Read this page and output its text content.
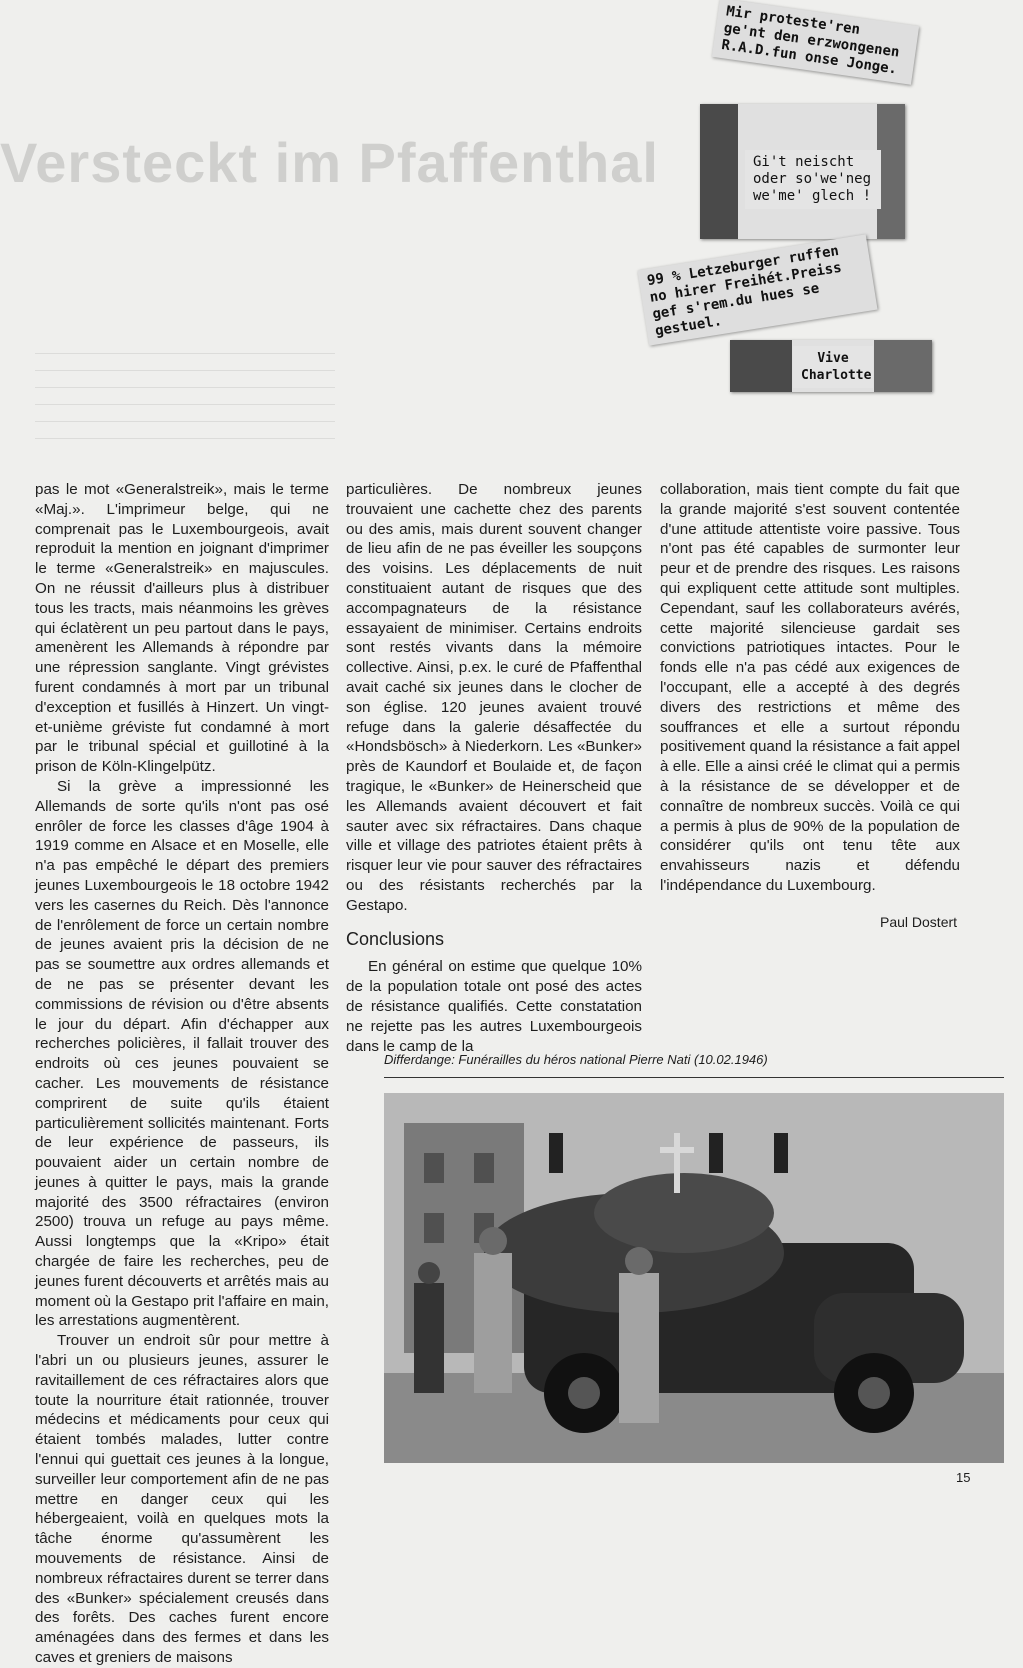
Versteckt im Pfaffenthal
Mir proteste'ren ge'nt den erzwongenen R.A.D.fun onse Jonge.
Gi't neischt oder so'we'neg we'me' glech !
99 % Letzeburger ruffen no hirer Freihét.Preiss gef s'rem.du hues se gestuel.
Vive Charlotte

pas le mot «Generalstreik», mais le terme «Maj.». L'imprimeur belge, qui ne comprenait pas le Luxembourgeois, avait reproduit la mention en joignant d'imprimer le terme «Generalstreik» en majuscules. On ne réussit d'ailleurs plus à distribuer tous les tracts, mais néanmoins les grèves qui éclatèrent un peu partout dans le pays, amenèrent les Allemands à répondre par une répression sanglante. Vingt grévistes furent condamnés à mort par un tribunal d'exception et fusillés à Hinzert. Un vingt-et-unième gréviste fut condamné à mort par le tribunal spécial et guillotiné à la prison de Köln-Klingelpütz.

Si la grève a impressionné les Allemands de sorte qu'ils n'ont pas osé enrôler de force les classes d'âge 1904 à 1919 comme en Alsace et en Moselle, elle n'a pas empêché le départ des premiers jeunes Luxembourgeois le 18 octobre 1942 vers les casernes du Reich. Dès l'annonce de l'enrôlement de force un certain nombre de jeunes avaient pris la décision de ne pas se soumettre aux ordres allemands et de ne pas se présenter devant les commissions de révision ou d'être absents le jour du départ. Afin d'échapper aux recherches policières, il fallait trouver des endroits où ces jeunes pouvaient se cacher. Les mouvements de résistance comprirent de suite qu'ils étaient particulièrement sollicités maintenant. Forts de leur expérience de passeurs, ils pouvaient aider un certain nombre de jeunes à quitter le pays, mais la grande majorité des 3500 réfractaires (environ 2500) trouva un refuge au pays même. Aussi longtemps que la «Kripo» était chargée de faire les recherches, peu de jeunes furent découverts et arrêtés mais au moment où la Gestapo prit l'affaire en main, les arrestations augmentèrent.

Trouver un endroit sûr pour mettre à l'abri un ou plusieurs jeunes, assurer le ravitaillement de ces réfractaires alors que toute la nourriture était rationnée, trouver médecins et médicaments pour ceux qui étaient tombés malades, lutter contre l'ennui qui guettait ces jeunes à la longue, surveiller leur comportement afin de ne pas mettre en danger ceux qui les hébergeaient, voilà en quelques mots la tâche énorme qu'assumèrent les mouvements de résistance. Ainsi de nombreux réfractaires durent se terrer dans des «Bunker» spécialement creusés dans des forêts. Des caches furent encore aménagées dans des fermes et dans les caves et greniers de maisons

particulières. De nombreux jeunes trouvaient une cachette chez des parents ou des amis, mais durent souvent changer de lieu afin de ne pas éveiller les soupçons des voisins. Les déplacements de nuit constituaient autant de risques que des accompagnateurs de la résistance essayaient de minimiser. Certains endroits sont restés vivants dans la mémoire collective. Ainsi, p.ex. le curé de Pfaffenthal avait caché six jeunes dans le clocher de son église. 120 jeunes avaient trouvé refuge dans la galerie désaffectée du «Hondsbösch» à Niederkorn. Les «Bunker» près de Kaundorf et Boulaide et, de façon tragique, le «Bunker» de Heinerscheid que les Allemands avaient découvert et fait sauter avec six réfractaires. Dans chaque ville et village des patriotes étaient prêts à risquer leur vie pour sauver des réfractaires ou des résistants recherchés par la Gestapo.

Conclusions

En général on estime que quelque 10% de la population totale ont posé des actes de résistance qualifiés. Cette constatation ne rejette pas les autres Luxembourgeois dans le camp de la

collaboration, mais tient compte du fait que la grande majorité s'est souvent contentée d'une attitude attentiste voire passive. Tous n'ont pas été capables de surmonter leur peur et de prendre des risques. Les raisons qui expliquent cette attitude sont multiples. Cependant, sauf les collaborateurs avérés, cette majorité silencieuse gardait ses convictions patriotiques intactes. Pour le fonds elle n'a pas cédé aux exigences de l'occupant, elle a accepté à des degrés divers des restrictions et même des souffrances et elle a surtout répondu positivement quand la résistance a fait appel à elle. Elle a ainsi créé le climat qui a permis à la résistance de se développer et de connaître de nombreux succès. Voilà ce qui a permis à plus de 90% de la population de considérer qu'ils ont tenu tête aux envahisseurs nazis et défendu l'indépendance du Luxembourg.

Paul Dostert
Differdange: Funérailles du héros national Pierre Nati (10.02.1946)
15
